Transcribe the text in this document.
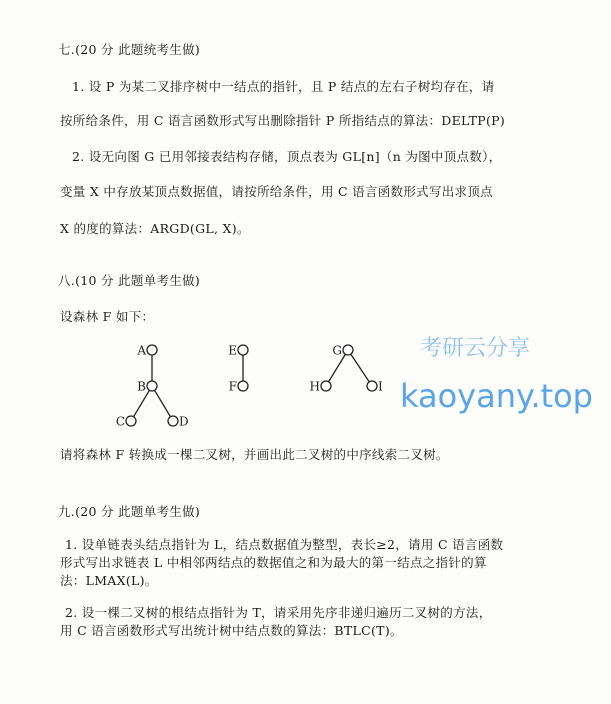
考研云分享
kaoyany.top
七.(20 分 此题统考生做)
1. 设 P 为某二叉排序树中一结点的指针，且 P 结点的左右子树均存在，请
按所给条件，用 C 语言函数形式写出删除指针 P 所指结点的算法：DELTP(P)
2. 设无向图 G 已用邻接表结构存储，顶点表为 GL[n]（n 为图中顶点数），
变量 X 中存放某顶点数据值，请按所给条件，用 C 语言函数形式写出求顶点
X 的度的算法：ARGD(GL, X)。
八.(10 分 此题单考生做)
设森林 F 如下：
A
B
C	D
E
F
G
H	I
请将森林 F 转换成一棵二叉树，并画出此二叉树的中序线索二叉树。
九.(20 分 此题单考生做)
1. 设单链表头结点指针为 L，结点数据值为整型，表长≥2，请用 C 语言函数
形式写出求链表 L 中相邻两结点的数据值之和为最大的第一结点之指针的算
法：LMAX(L)。
2. 设一棵二叉树的根结点指针为 T，请采用先序非递归遍历二叉树的方法，
用 C 语言函数形式写出统计树中结点数的算法：BTLC(T)。
